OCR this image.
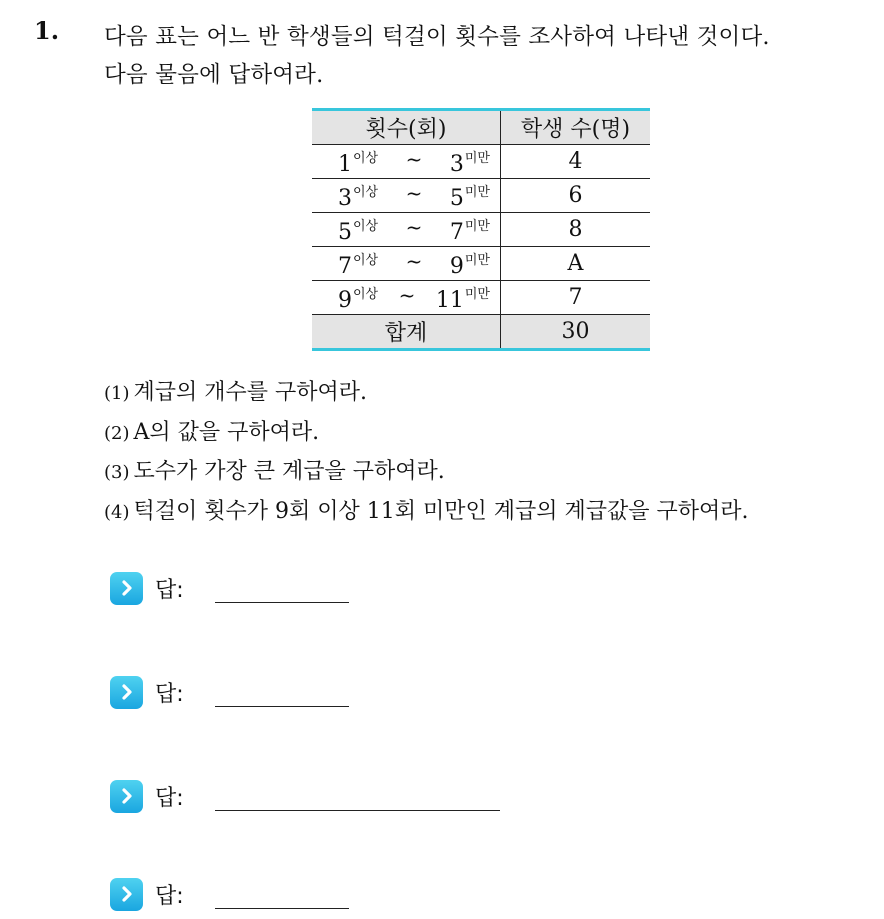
1. 다음 표는 어느 반 학생들의 턱걸이 횟수를 조사하여 나타낸 것이다.
다음 물음에 답하여라.
횟수(회)	학생 수(명)

$1^{이상}$ ~ $3^{미만}$	4

$3^{이상}$ ~ $5^{미만}$	6

$5^{이상}$ ~ $7^{미만}$	8

$7^{이상}$ ~ $9^{미만}$	A

$9^{이상}$ ~ $11^{미만}$	7
합계	30
(1) 계급의 개수를 구하여라.
(2) A의 값을 구하여라.
(3) 도수가 가장 큰 계급을 구하여라.
(4) 턱걸이 횟수가 9회 이상 11회 미만인 계급의 계급값을 구하여라.
답:
답:
답:
답:
